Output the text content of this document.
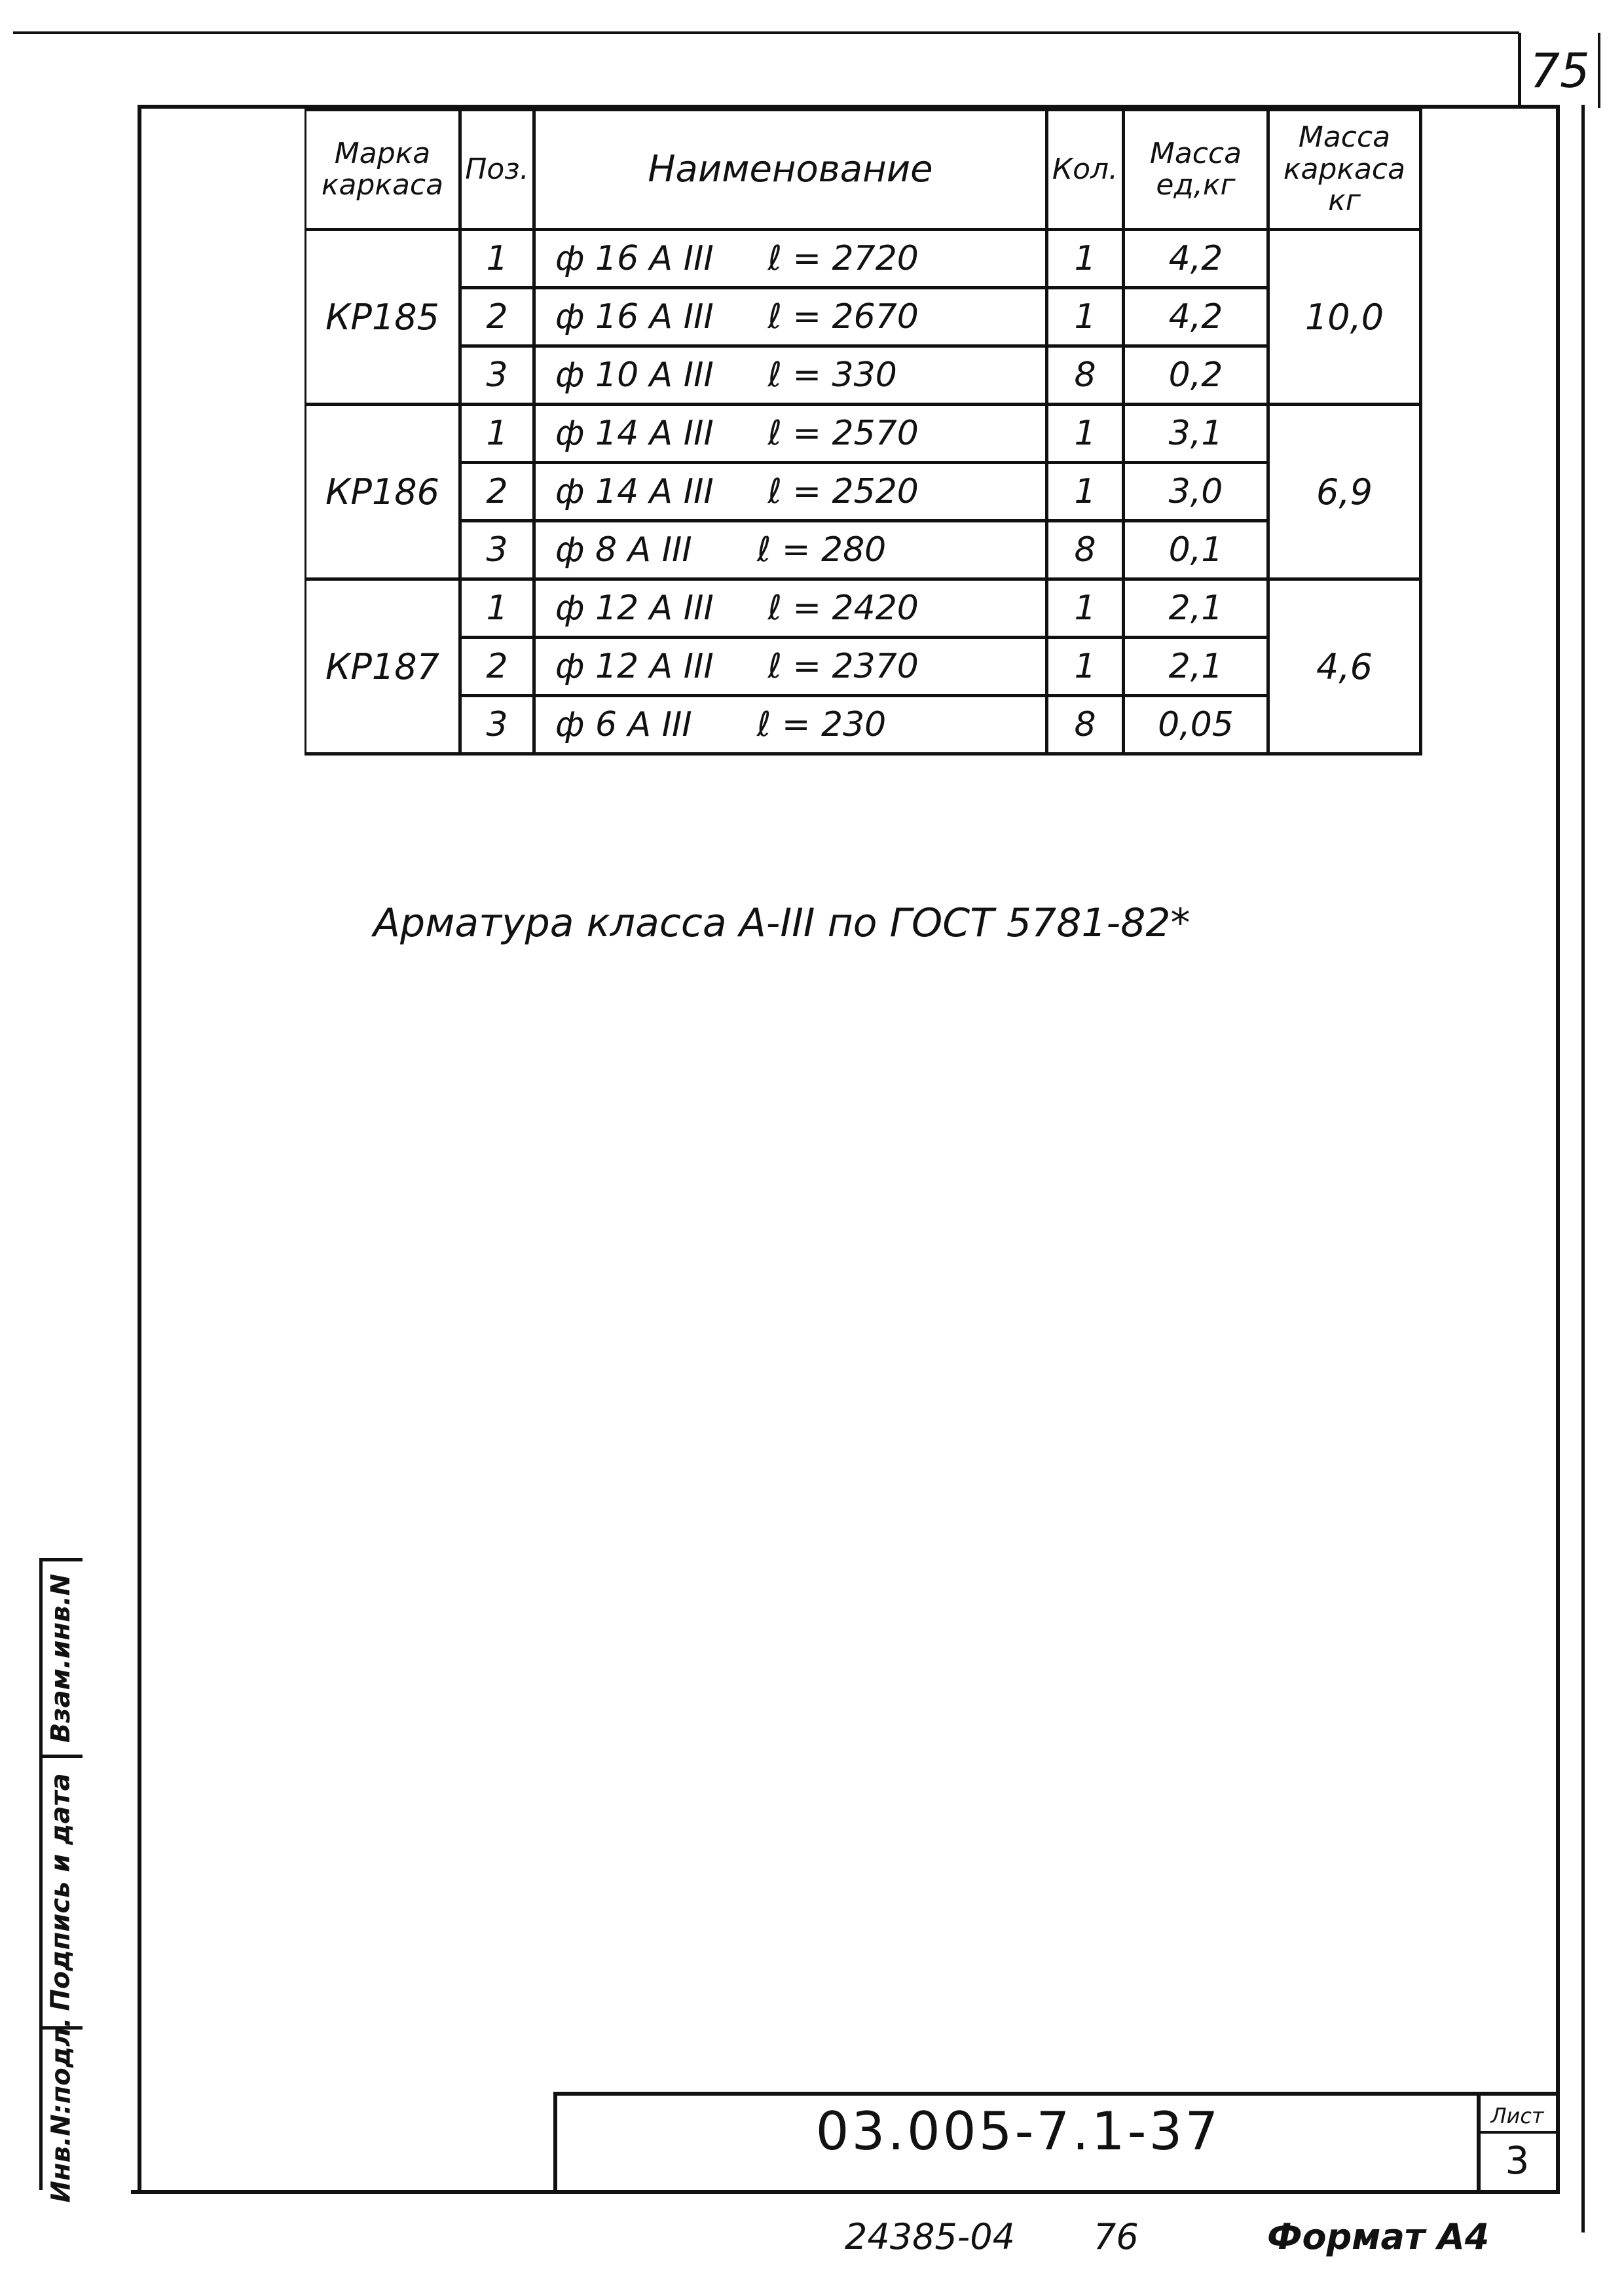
75
Марка каркаса	Поз.	Наименование	Кол.	Масса ед,кг	Масса каркаса кг
КР185	1	ф 16 А III     ℓ = 2720	1	4,2	10,0
	2	ф 16 А III     ℓ = 2670	1	4,2	
	3	ф 10 А III     ℓ = 330	8	0,2	
КР186	1	ф 14 А III     ℓ = 2570	1	3,1	6,9
	2	ф 14 А III     ℓ = 2520	1	3,0	
	3	ф 8 А III      ℓ = 280	8	0,1	
КР187	1	ф 12 А III     ℓ = 2420	1	2,1	4,6
	2	ф 12 А III     ℓ = 2370	1	2,1	
	3	ф 6 А III      ℓ = 230	8	0,05	
Арматура класса А-III по ГОСТ 5781-82*
Взам.инв.N
Подпись и дата
Инв.N:подл.	03.005-7.1-37	Лист
3
24385-04 76	Формат А4
